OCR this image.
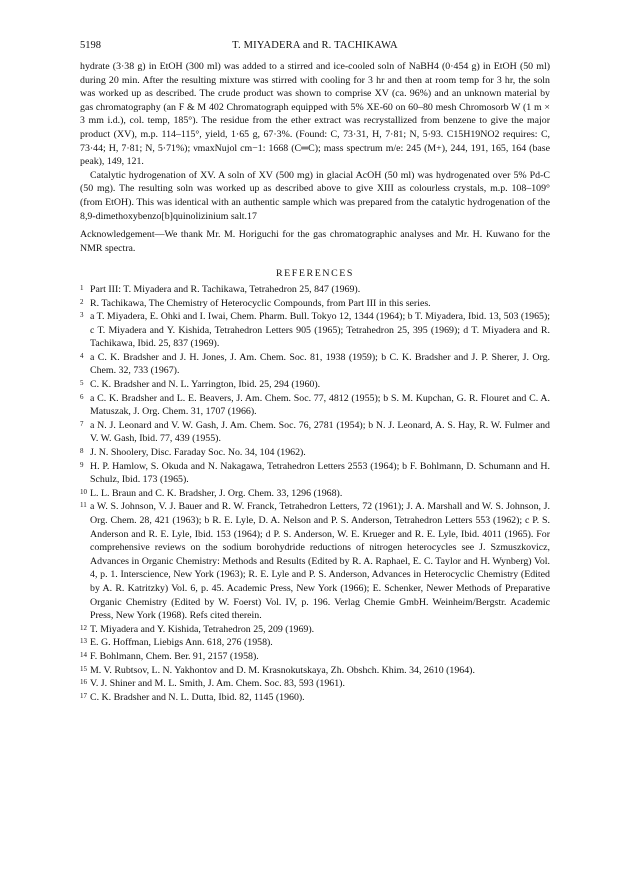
5198	T. MIYADERA and R. TACHIKAWA

hydrate (3·38 g) in EtOH (300 ml) was added to a stirred and ice-cooled soln of NaBH4 (0·454 g) in EtOH (50 ml) during 20 min. After the resulting mixture was stirred with cooling for 3 hr and then at room temp for 3 hr, the soln was worked up as described. The crude product was shown to comprise XV (ca. 96%) and an unknown material by gas chromatography (an F & M 402 Chromatograph equipped with 5% XE-60 on 60–80 mesh Chromosorb W (1 m × 3 mm i.d.), col. temp, 185°). The residue from the ether extract was recrystallized from benzene to give the major product (XV), m.p. 114–115°, yield, 1·65 g, 67·3%. (Found: C, 73·31, H, 7·81; N, 5·93. C15H19NO2 requires: C, 73·44; H, 7·81; N, 5·71%); νmaxNujol cm−1: 1668 (C═C); mass spectrum m/e: 245 (M+), 244, 191, 165, 164 (base peak), 149, 121.

Catalytic hydrogenation of XV. A soln of XV (500 mg) in glacial AcOH (50 ml) was hydrogenated over 5% Pd-C (50 mg). The resulting soln was worked up as described above to give XIII as colourless crystals, m.p. 108–109° (from EtOH). This was identical with an authentic sample which was prepared from the catalytic hydrogenation of the 8,9-dimethoxybenzo[b]quinolizinium salt.17

Acknowledgement—We thank Mr. M. Horiguchi for the gas chromatographic analyses and Mr. H. Kuwano for the NMR spectra.

REFERENCES
1 Part III: T. Miyadera and R. Tachikawa, Tetrahedron 25, 847 (1969).
2 R. Tachikawa, The Chemistry of Heterocyclic Compounds, from Part III in this series.
3 a T. Miyadera, E. Ohki and I. Iwai, Chem. Pharm. Bull. Tokyo 12, 1344 (1964); b T. Miyadera, Ibid. 13, 503 (1965); c T. Miyadera and Y. Kishida, Tetrahedron Letters 905 (1965); Tetrahedron 25, 395 (1969); d T. Miyadera and R. Tachikawa, Ibid. 25, 837 (1969).
4 a C. K. Bradsher and J. H. Jones, J. Am. Chem. Soc. 81, 1938 (1959); b C. K. Bradsher and J. P. Sherer, J. Org. Chem. 32, 733 (1967).
5 C. K. Bradsher and N. L. Yarrington, Ibid. 25, 294 (1960).
6 a C. K. Bradsher and L. E. Beavers, J. Am. Chem. Soc. 77, 4812 (1955); b S. M. Kupchan, G. R. Flouret and C. A. Matuszak, J. Org. Chem. 31, 1707 (1966).
7 a N. J. Leonard and V. W. Gash, J. Am. Chem. Soc. 76, 2781 (1954); b N. J. Leonard, A. S. Hay, R. W. Fulmer and V. W. Gash, Ibid. 77, 439 (1955).
8 J. N. Shoolery, Disc. Faraday Soc. No. 34, 104 (1962).
9 H. P. Hamlow, S. Okuda and N. Nakagawa, Tetrahedron Letters 2553 (1964); b F. Bohlmann, D. Schumann and H. Schulz, Ibid. 173 (1965).
10 L. L. Braun and C. K. Bradsher, J. Org. Chem. 33, 1296 (1968).
11 a W. S. Johnson, V. J. Bauer and R. W. Franck, Tetrahedron Letters, 72 (1961); J. A. Marshall and W. S. Johnson, J. Org. Chem. 28, 421 (1963); b R. E. Lyle, D. A. Nelson and P. S. Anderson, Tetrahedron Letters 553 (1962); c P. S. Anderson and R. E. Lyle, Ibid. 153 (1964); d P. S. Anderson, W. E. Krueger and R. E. Lyle, Ibid. 4011 (1965). For comprehensive reviews on the sodium borohydride reductions of nitrogen heterocycles see J. Szmuszkovicz, Advances in Organic Chemistry: Methods and Results (Edited by R. A. Raphael, E. C. Taylor and H. Wynberg) Vol. 4, p. 1. Interscience, New York (1963); R. E. Lyle and P. S. Anderson, Advances in Heterocyclic Chemistry (Edited by A. R. Katritzky) Vol. 6, p. 45. Academic Press, New York (1966); E. Schenker, Newer Methods of Preparative Organic Chemistry (Edited by W. Foerst) Vol. IV, p. 196. Verlag Chemie GmbH. Weinheim/Bergstr. Academic Press, New York (1968). Refs cited therein.
12 T. Miyadera and Y. Kishida, Tetrahedron 25, 209 (1969).
13 E. G. Hoffman, Liebigs Ann. 618, 276 (1958).
14 F. Bohlmann, Chem. Ber. 91, 2157 (1958).
15 M. V. Rubtsov, L. N. Yakhontov and D. M. Krasnokutskaya, Zh. Obshch. Khim. 34, 2610 (1964).
16 V. J. Shiner and M. L. Smith, J. Am. Chem. Soc. 83, 593 (1961).
17 C. K. Bradsher and N. L. Dutta, Ibid. 82, 1145 (1960).
